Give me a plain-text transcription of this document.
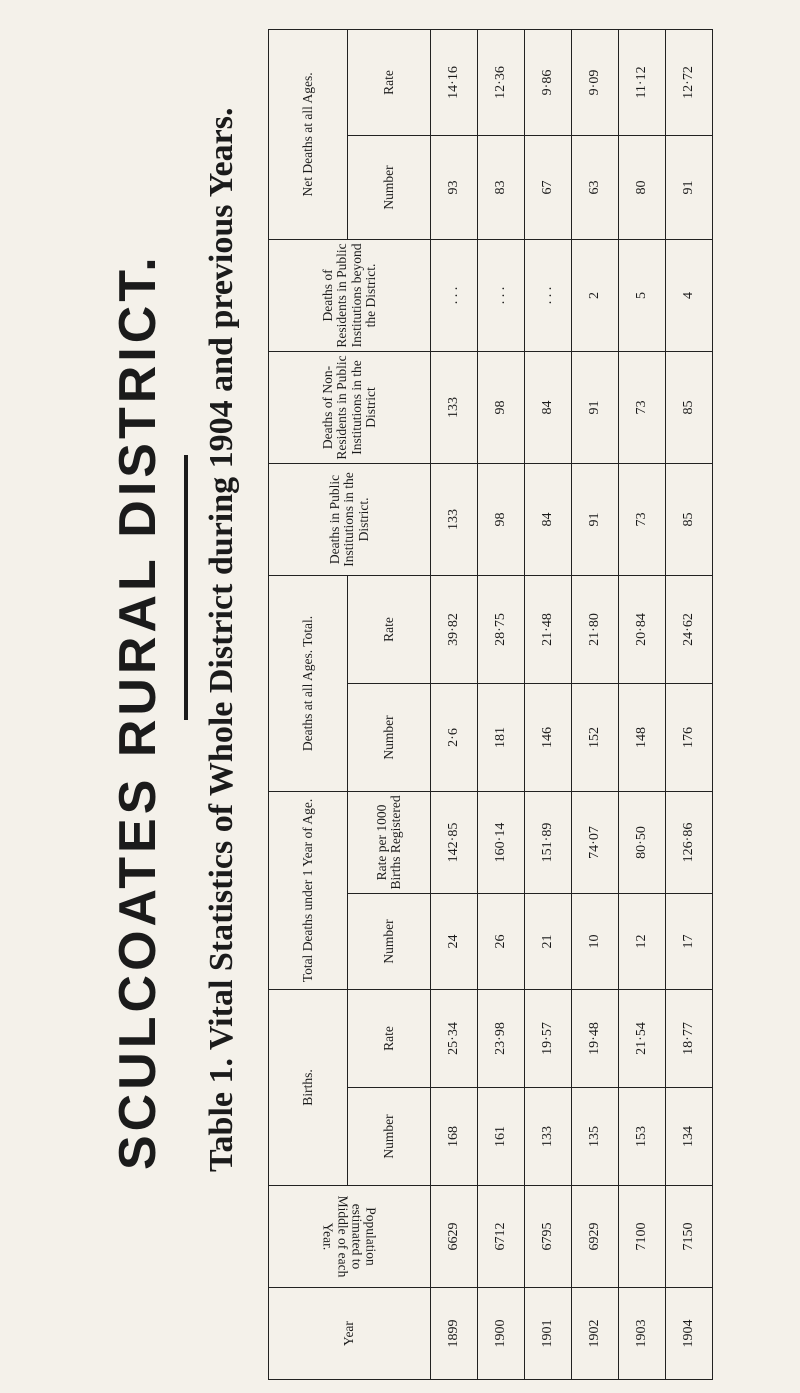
SCULCOATES RURAL DISTRICT. Table 1. Vital Statistics of Whole District during 1904 and previous Years.
Year	Population estimated to Middle of each Year.	Births.		Total Deaths under 1 Year of Age.		Deaths at all Ages. Total.		Deaths in Public Institutions in the District.	Deaths of Non-Residents in Public Institutions in the District	Deaths of Residents in Public Institutions beyond the District.	Net Deaths at all Ages.	
		Number	Rate	Number	Rate per 1000 Births Registered	Number	Rate				Number	Rate
1899	6629	168	25·34	24	142·85	2·6	39·82	133	133	. . .	93	14·16
1900	6712	161	23·98	26	160·14	181	28·75	98	98	. . .	83	12·36
1901	6795	133	19·57	21	151·89	146	21·48	84	84	. . .	67	9·86
1902	6929	135	19·48	10	74·07	152	21·80	91	91	2	63	9·09
1903	7100	153	21·54	12	80·50	148	20·84	73	73	5	80	11·12
1904	7150	134	18·77	17	126·86	176	24·62	85	85	4	91	12·72
